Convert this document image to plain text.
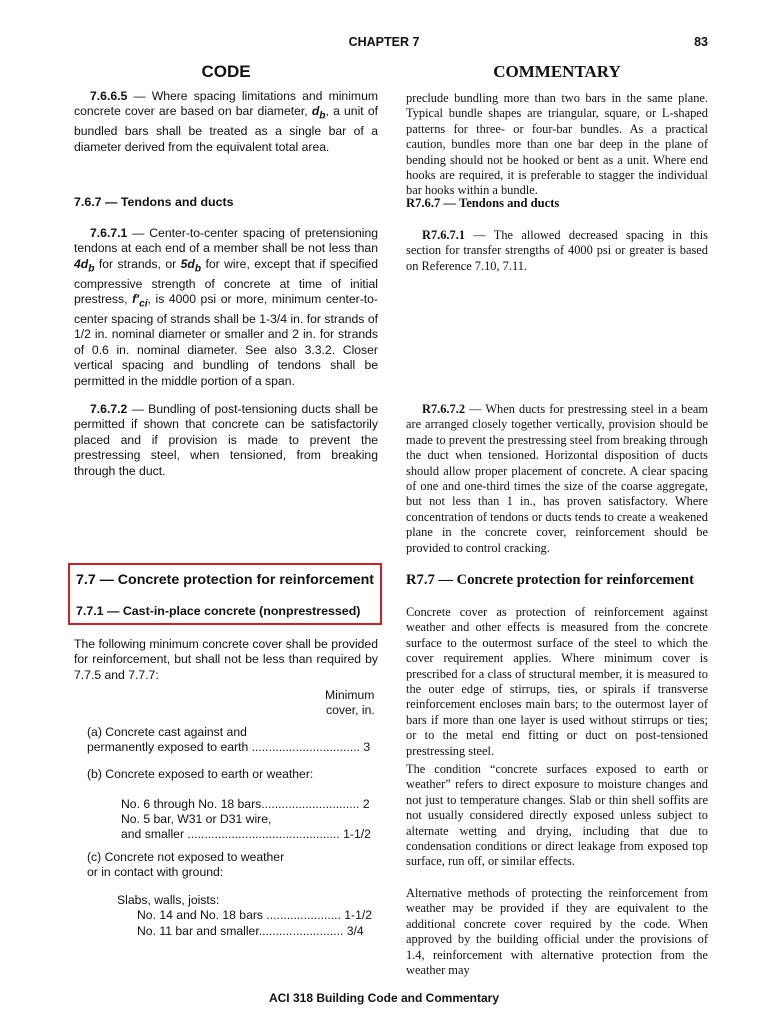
CHAPTER 7	83
CODE	COMMENTARY

7.6.6.5 — Where spacing limitations and minimum concrete cover are based on bar diameter, $d_b$, a unit of bundled bars shall be treated as a single bar of a diameter derived from the equivalent total area.

7.6.7 — Tendons and ducts

7.6.7.1 — Center-to-center spacing of pretensioning tendons at each end of a member shall be not less than $4d_b$ for strands, or $5d_b$ for wire, except that if specified compressive strength of concrete at time of initial prestress, $f'_{ci}$, is 4000 psi or more, minimum center-to-center spacing of strands shall be 1-3/4 in. for strands of 1/2 in. nominal diameter or smaller and 2 in. for strands of 0.6 in. nominal diameter. See also 3.3.2. Closer vertical spacing and bundling of tendons shall be permitted in the middle portion of a span.

7.6.7.2 — Bundling of post-tensioning ducts shall be permitted if shown that concrete can be satisfactorily placed and if provision is made to prevent the prestressing steel, when tensioned, from breaking through the duct.

7.7 — Concrete protection for reinforcement
7.7.1 — Cast-in-place concrete (nonprestressed)

The following minimum concrete cover shall be provided for reinforcement, but shall not be less than required by 7.7.5 and 7.7.7:

Minimum
cover, in.
(a) Concrete cast against and
permanently exposed to earth ................................ 3
(b) Concrete exposed to earth or weather:
No. 6 through No. 18 bars............................. 2
No. 5 bar, W31 or D31 wire,
and smaller ............................................. 1-1/2
(c) Concrete not exposed to weather
or in contact with ground:
Slabs, walls, joists:
No. 14 and No. 18 bars ...................... 1-1/2
No. 11 bar and smaller......................... 3/4

preclude bundling more than two bars in the same plane. Typical bundle shapes are triangular, square, or L-shaped patterns for three- or four-bar bundles. As a practical caution, bundles more than one bar deep in the plane of bending should not be hooked or bent as a unit. Where end hooks are required, it is preferable to stagger the individual bar hooks within a bundle.

R7.6.7 — Tendons and ducts

R7.6.7.1 — The allowed decreased spacing in this section for transfer strengths of 4000 psi or greater is based on Reference 7.10, 7.11.

R7.6.7.2 — When ducts for prestressing steel in a beam are arranged closely together vertically, provision should be made to prevent the prestressing steel from breaking through the duct when tensioned. Horizontal disposition of ducts should allow proper placement of concrete. A clear spacing of one and one-third times the size of the coarse aggregate, but not less than 1 in., has proven satisfactory. Where concentration of tendons or ducts tends to create a weakened plane in the concrete cover, reinforcement should be provided to control cracking.

R7.7 — Concrete protection for reinforcement

Concrete cover as protection of reinforcement against weather and other effects is measured from the concrete surface to the outermost surface of the steel to which the cover requirement applies. Where minimum cover is prescribed for a class of structural member, it is measured to the outer edge of stirrups, ties, or spirals if transverse reinforcement encloses main bars; to the outermost layer of bars if more than one layer is used without stirrups or ties; or to the metal end fitting or duct on post-tensioned prestressing steel.

The condition “concrete surfaces exposed to earth or weather” refers to direct exposure to moisture changes and not just to temperature changes. Slab or thin shell soffits are not usually considered directly exposed unless subject to alternate wetting and drying, including that due to condensation conditions or direct leakage from exposed top surface, run off, or similar effects.

Alternative methods of protecting the reinforcement from weather may be provided if they are equivalent to the additional concrete cover required by the code. When approved by the building official under the provisions of 1.4, reinforcement with alternative protection from the weather may

ACI 318 Building Code and Commentary
